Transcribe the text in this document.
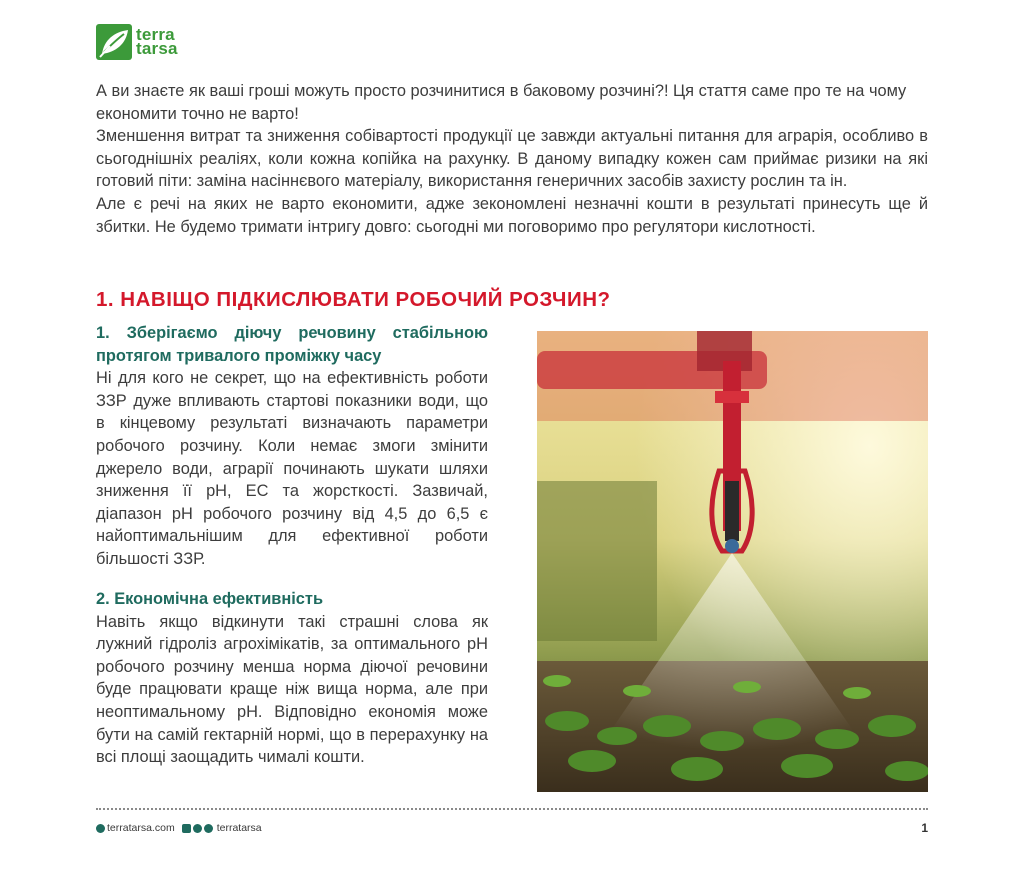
terra
tarsa

А ви знаєте як ваші гроші можуть просто розчинитися в баковому розчині?! Ця стаття саме про те на чому економити точно не варто!

Зменшення витрат та зниження собівартості продукції це завжди актуальні питання для аграрія, особливо в сьогоднішніх реаліях, коли кожна копійка на рахунку. В даному випадку кожен сам приймає ризики на які готовий піти: заміна насіннєвого матеріалу, використання генеричних засобів захисту рослин та ін.

Але є речі на яких не варто економити, адже зекономлені незначні кошти в результаті принесуть ще й збитки. Не будемо тримати інтригу довго: сьогодні ми поговоримо про регулятори кислотності.

1. НАВІЩО ПІДКИСЛЮВАТИ РОБОЧИЙ РОЗЧИН?
1. Зберігаємо діючу речовину стабільною протягом тривалого проміжку часу

Ні для кого не секрет, що на ефективність роботи ЗЗР дуже впливають стартові показники води, що в кінцевому результаті визначають параметри робочого розчину. Коли немає змоги змінити джерело води, аграрії починають шукати шляхи зниження її pH, EC та жорсткості. Зазвичай, діапазон pH робочого розчину від 4,5 до 6,5 є найоптимальнішим для ефективної роботи більшості ЗЗР.

2. Економічна ефективність

Навіть якщо відкинути такі страшні слова як лужний гідроліз агрохімікатів, за оптимального pH робочого розчину менша норма діючої речовини буде працювати краще ніж вища норма, але при неоптимальному pH. Відповідно економія може бути на самій гектарній нормі, що в перерахунку на всі площі заощадить чималі кошти.

terratarsa.com	terratarsa	1
